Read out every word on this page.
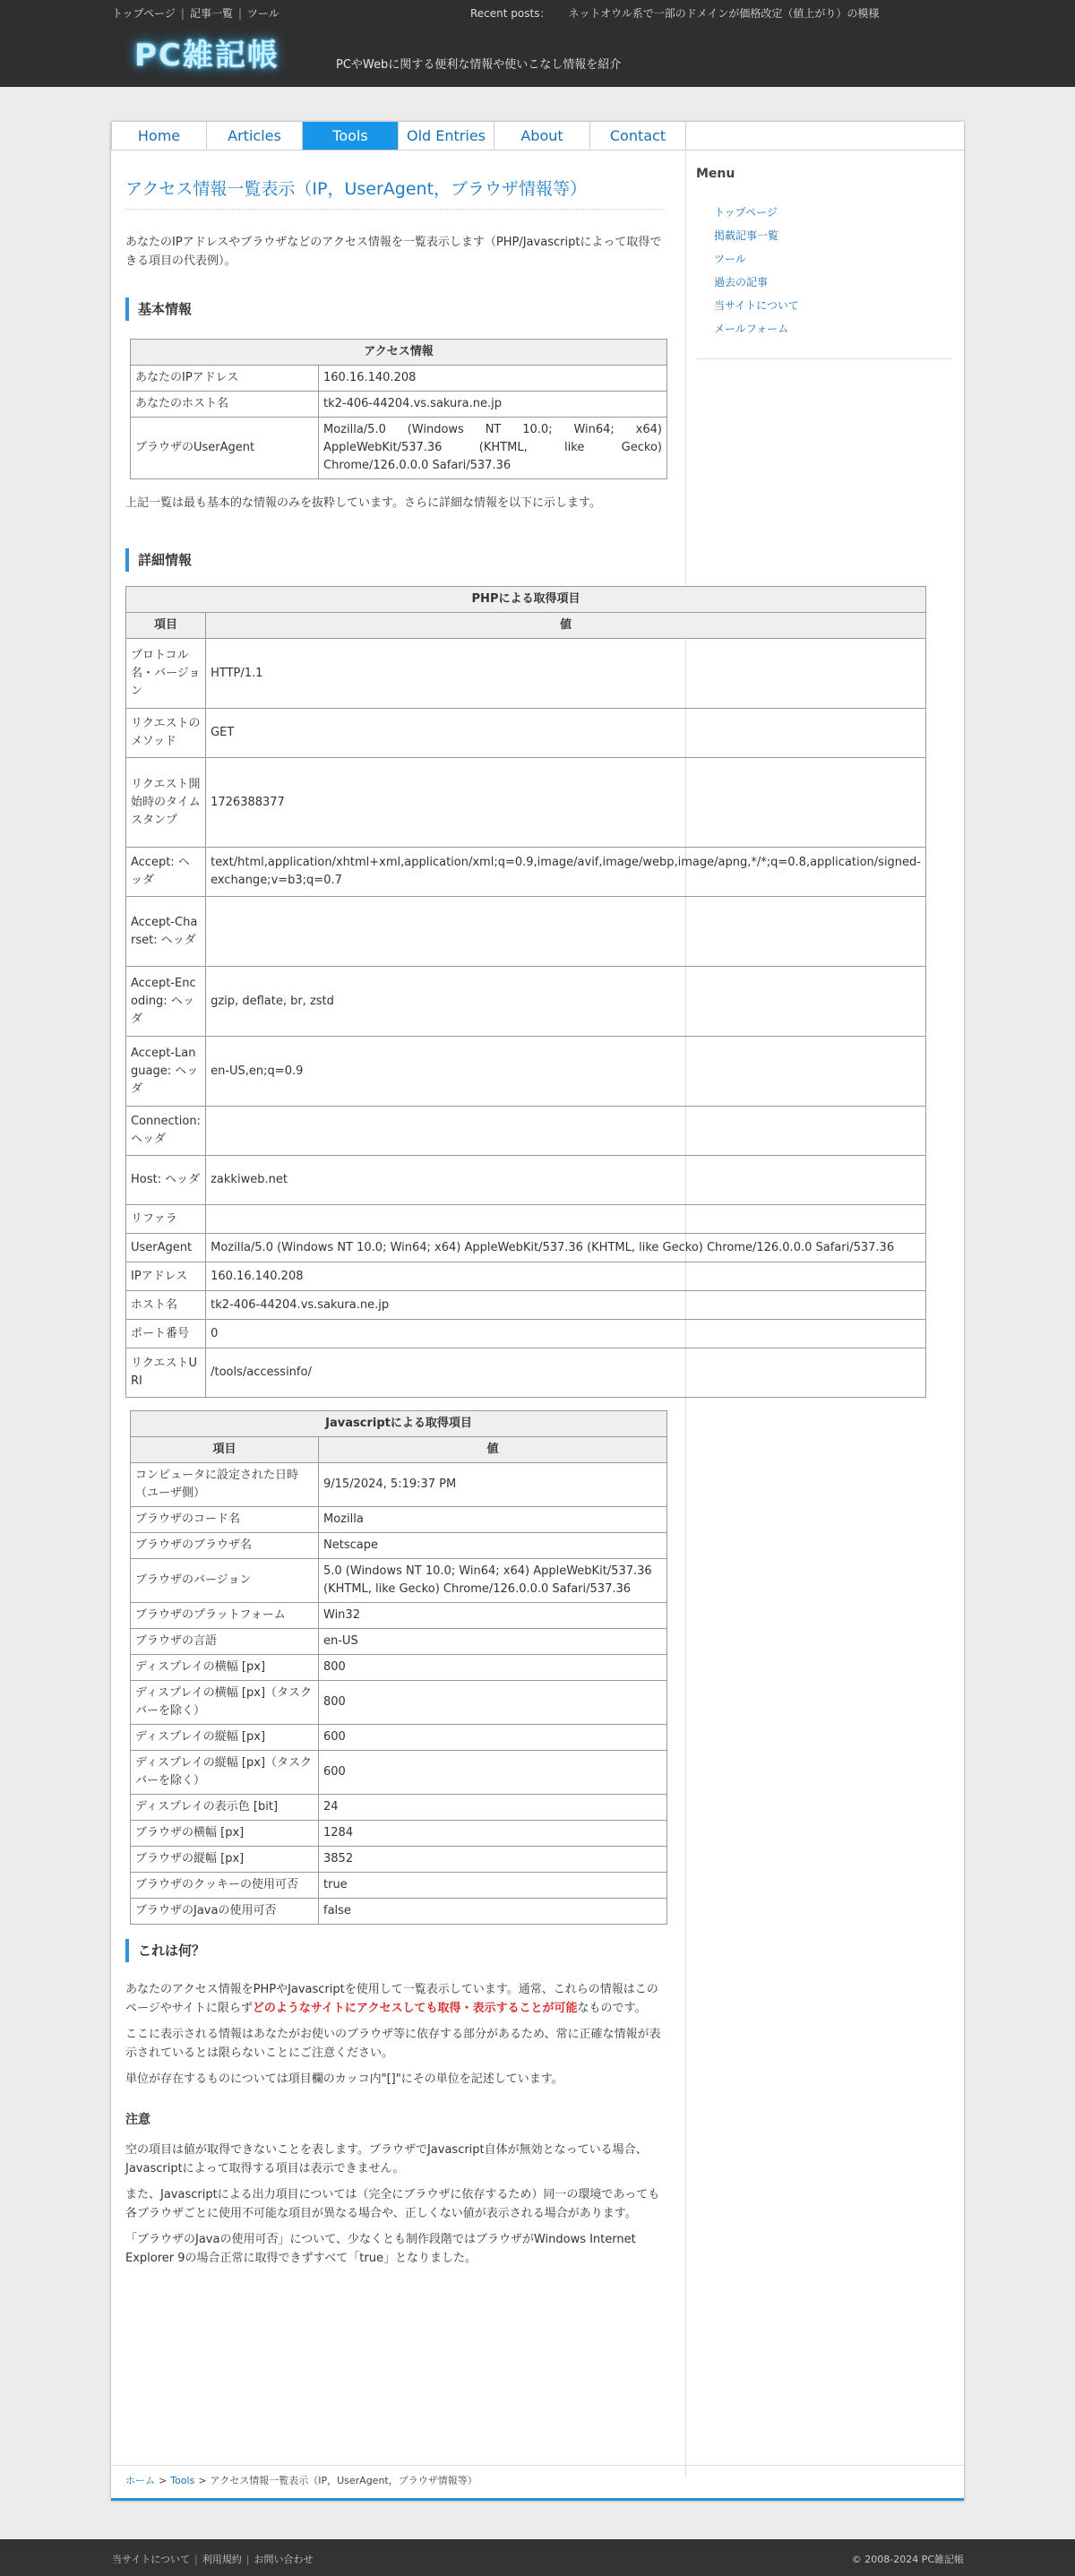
トップページ | 記事一覧 | ツール	Recent posts： ネットオウル系で一部のドメインが価格改定（値上がり）の模様
PC雑記帳	PCやWebに関する便利な情報や使いこなし情報を紹介
Home	Articles	Tools	Old Entries	About	Contact
アクセス情報一覧表示（IP，UserAgent，ブラウザ情報等）

あなたのIPアドレスやブラウザなどのアクセス情報を一覧表示します（PHP/Javascriptによって取得できる項目の代表例）。

基本情報
アクセス情報	
あなたのIPアドレス	160.16.140.208
あなたのホスト名	tk2-406-44204.vs.sakura.ne.jp
ブラウザのUserAgent	Mozilla/5.0 (Windows NT 10.0; Win64; x64) AppleWebKit/537.36 (KHTML, like Gecko) Chrome/126.0.0.0 Safari/537.36

上記一覧は最も基本的な情報のみを抜粋しています。さらに詳細な情報を以下に示します。

詳細情報
PHPによる取得項目	
項目	値
プロトコル名・バージョン	HTTP/1.1
リクエストのメソッド	GET
リクエスト開始時のタイムスタンプ	1726388377
Accept: ヘッダ	text/html,application/xhtml+xml,application/xml;q=0.9,image/avif,image/webp,image/apng,*/*;q=0.8,application/signed-exchange;v=b3;q=0.7
Accept-Charset: ヘッダ	
Accept-Encoding: ヘッダ	gzip, deflate, br, zstd
Accept-Language: ヘッダ	en-US,en;q=0.9
Connection: ヘッダ	
Host: ヘッダ	zakkiweb.net
リファラ	
UserAgent	Mozilla/5.0 (Windows NT 10.0; Win64; x64) AppleWebKit/537.36 (KHTML, like Gecko) Chrome/126.0.0.0 Safari/537.36
IPアドレス	160.16.140.208
ホスト名	tk2-406-44204.vs.sakura.ne.jp
ポート番号	0
リクエストURI	/tools/accessinfo/
Javascriptによる取得項目	
項目	値
コンピュータに設定された日時（ユーザ側）	9/15/2024, 5:19:37 PM
ブラウザのコード名	Mozilla
ブラウザのブラウザ名	Netscape
ブラウザのバージョン	5.0 (Windows NT 10.0; Win64; x64) AppleWebKit/537.36 (KHTML, like Gecko) Chrome/126.0.0.0 Safari/537.36
ブラウザのプラットフォーム	Win32
ブラウザの言語	en-US
ディスプレイの横幅 [px]	800
ディスプレイの横幅 [px]（タスクバーを除く）	800
ディスプレイの縦幅 [px]	600
ディスプレイの縦幅 [px]（タスクバーを除く）	600
ディスプレイの表示色 [bit]	24
ブラウザの横幅 [px]	1284
ブラウザの縦幅 [px]	3852
ブラウザのクッキーの使用可否	true
ブラウザのJavaの使用可否	false
これは何？

あなたのアクセス情報をPHPやJavascriptを使用して一覧表示しています。通常、これらの情報はこのページやサイトに限らずどのようなサイトにアクセスしても取得・表示することが可能なものです。

ここに表示される情報はあなたがお使いのブラウザ等に依存する部分があるため、常に正確な情報が表示されているとは限らないことにご注意ください。

単位が存在するものについては項目欄のカッコ内"[]"にその単位を記述しています。

注意

空の項目は値が取得できないことを表します。ブラウザでJavascript自体が無効となっている場合、Javascriptによって取得する項目は表示できません。

また、Javascriptによる出力項目については（完全にブラウザに依存するため）同一の環境であっても各ブラウザごとに使用不可能な項目が異なる場合や、正しくない値が表示される場合があります。

「ブラウザのJavaの使用可否」について、少なくとも制作段階ではブラウザがWindows Internet Explorer 9の場合正常に取得できずすべて「true」となりました。

Menu
トップページ
掲載記事一覧
ツール
過去の記事
当サイトについて
メールフォーム
ホーム > Tools > アクセス情報一覧表示（IP，UserAgent，ブラウザ情報等）
当サイトについて | 利用規約 | お問い合わせ	© 2008-2024 PC雑記帳
